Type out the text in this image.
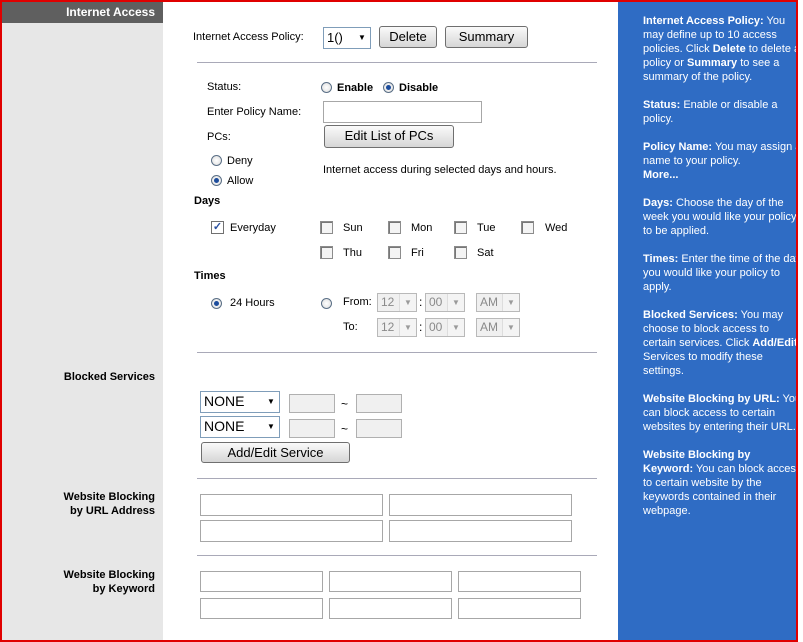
Internet Access
Blocked Services
Website Blocking
by URL Address
Website Blocking
by Keyword
Internet Access Policy:	1()	▼	Delete	Summary
Status:	Enable Disable
Enter Policy Name:
PCs:	Edit List of PCs
Deny
Allow
Internet access during selected days and hours.
Days
✓ Everyday	Sun	Mon	Tue	Wed
Thu	Fri	Sat
Times
24 Hours	From: 12	▼ : 00	▼	AM	▼
To:	12	▼ : 00	▼	AM	▼
NONE	▼	~
NONE	▼	~
Add/Edit Service

Internet Access Policy: You may define up to 10 access policies. Click Delete to delete a policy or Summary to see a summary of the policy.

Status: Enable or disable a policy.

Policy Name: You may assign a name to your policy.
More...

Days: Choose the day of the week you would like your policy to be applied.

Times: Enter the time of the day you would like your policy to apply.

Blocked Services: You may choose to block access to certain services. Click Add/Edit Services to modify these settings.

Website Blocking by URL: You can block access to certain websites by entering their URL.

Website Blocking by Keyword: You can block access to certain website by the keywords contained in their webpage.
